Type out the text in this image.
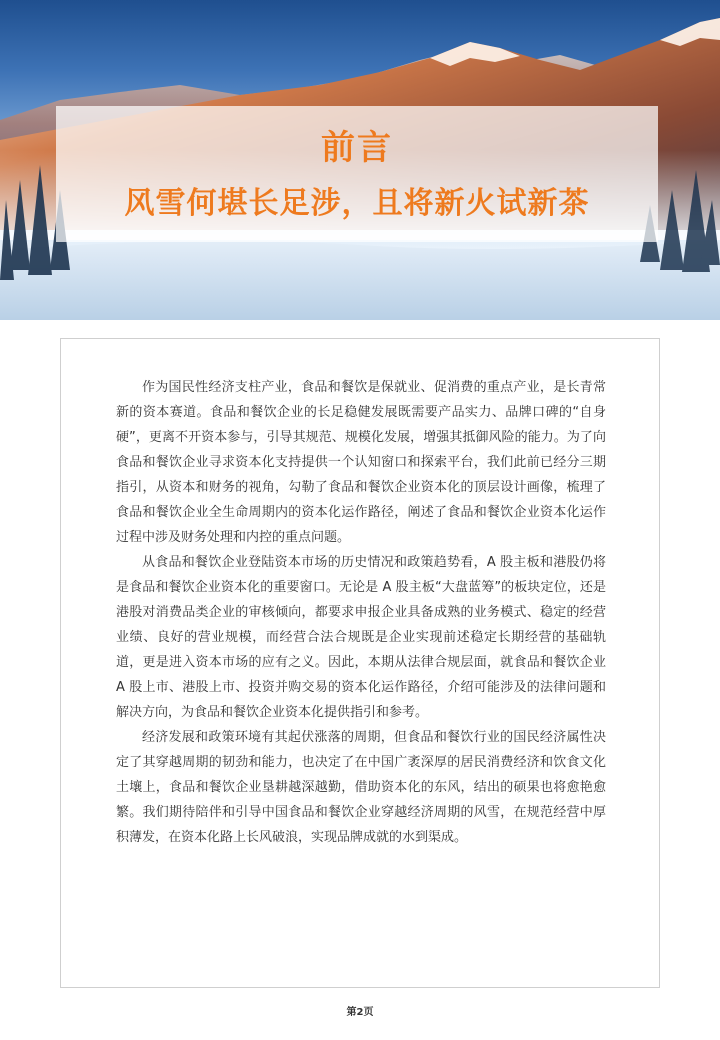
前言
风雪何堪长足涉，且将新火试新茶

作为国民性经济支柱产业，食品和餐饮是保就业、促消费的重点产业，是长青常新的资本赛道。食品和餐饮企业的长足稳健发展既需要产品实力、品牌口碑的“自身硬”，更离不开资本参与，引导其规范、规模化发展，增强其抵御风险的能力。为了向食品和餐饮企业寻求资本化支持提供一个认知窗口和探索平台，我们此前已经分三期指引，从资本和财务的视角，勾勒了食品和餐饮企业资本化的顶层设计画像，梳理了食品和餐饮企业全生命周期内的资本化运作路径，阐述了食品和餐饮企业资本化运作过程中涉及财务处理和内控的重点问题。

从食品和餐饮企业登陆资本市场的历史情况和政策趋势看，A 股主板和港股仍将是食品和餐饮企业资本化的重要窗口。无论是 A 股主板“大盘蓝筹”的板块定位，还是港股对消费品类企业的审核倾向，都要求申报企业具备成熟的业务模式、稳定的经营业绩、良好的营业规模，而经营合法合规既是企业实现前述稳定长期经营的基础轨道，更是进入资本市场的应有之义。因此，本期从法律合规层面，就食品和餐饮企业 A 股上市、港股上市、投资并购交易的资本化运作路径，介绍可能涉及的法律问题和解决方向，为食品和餐饮企业资本化提供指引和参考。

经济发展和政策环境有其起伏涨落的周期，但食品和餐饮行业的国民经济属性决定了其穿越周期的韧劲和能力，也决定了在中国广袤深厚的居民消费经济和饮食文化土壤上，食品和餐饮企业垦耕越深越勤，借助资本化的东风，结出的硕果也将愈艳愈繁。我们期待陪伴和引导中国食品和餐饮企业穿越经济周期的风雪，在规范经营中厚积薄发，在资本化路上长风破浪，实现品牌成就的水到渠成。

第2页
